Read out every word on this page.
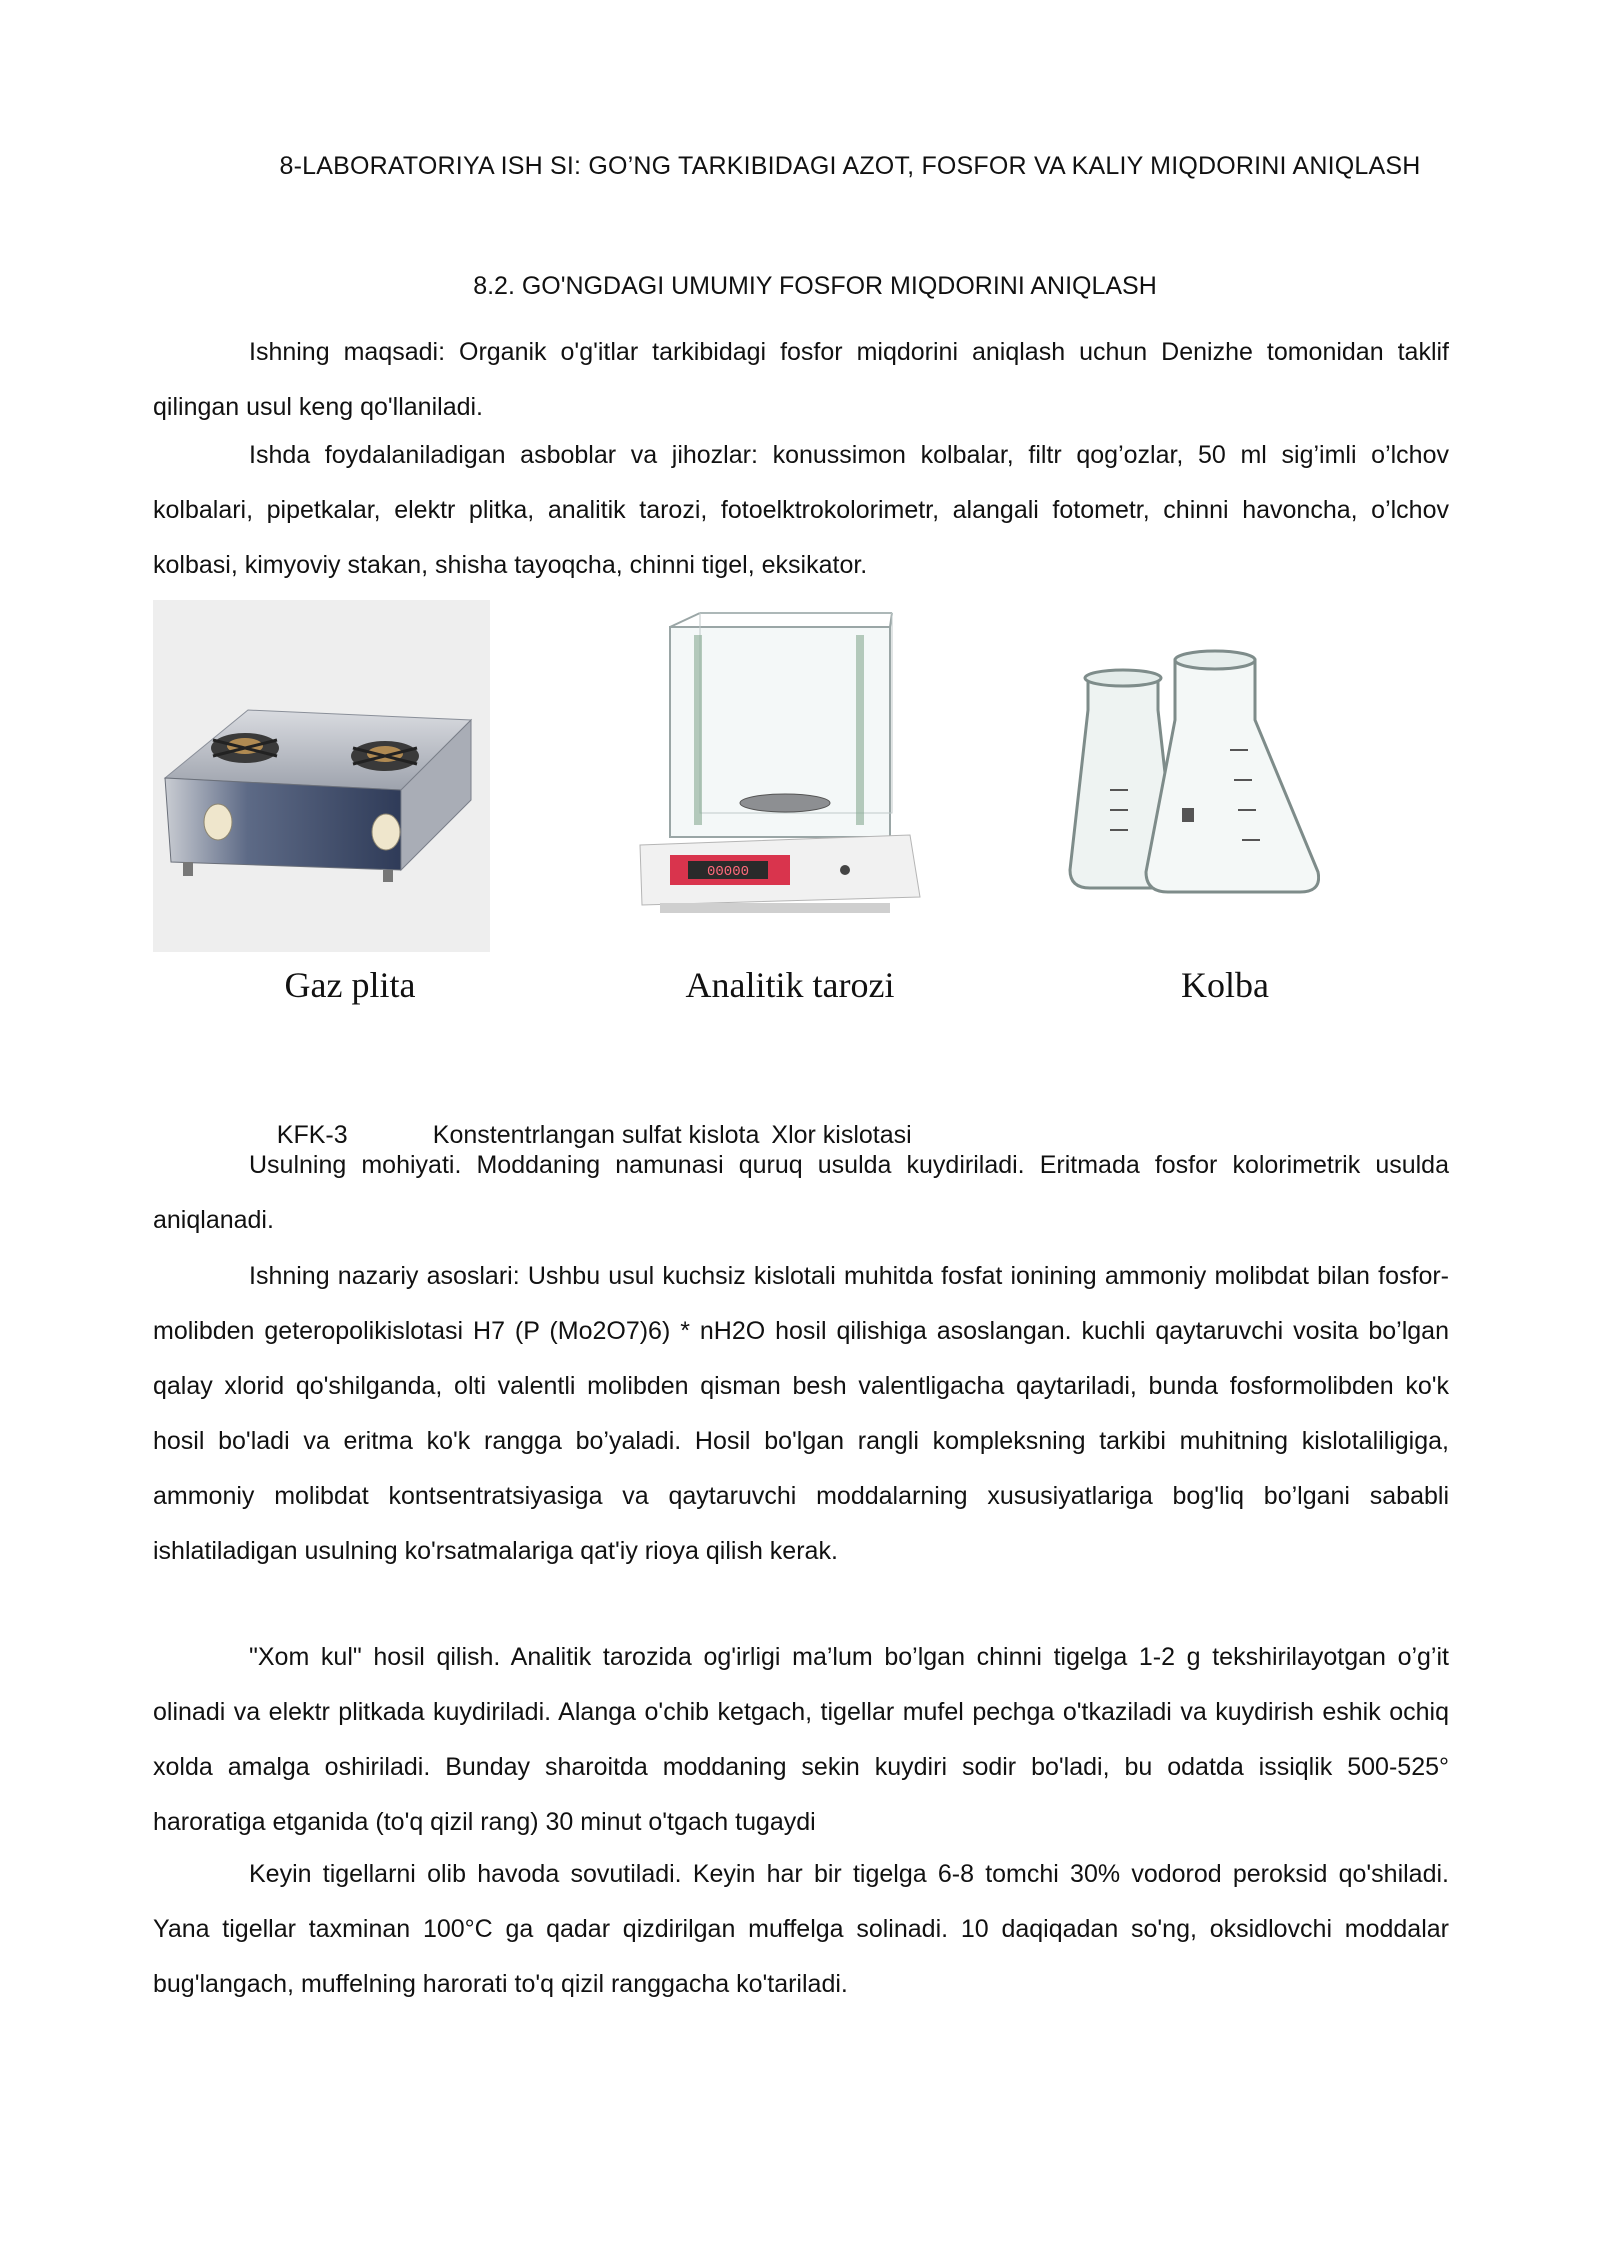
8-LABORATORIYA ISH SI: GO’NG TARKIBIDAGI AZOT, FOSFOR VA KALIY MIQDORINI ANIQLASH
8.2. GO'NGDAGI UMUMIY FOSFOR MIQDORINI ANIQLASH

Ishning maqsadi: Organik o'g'itlar tarkibidagi fosfor miqdorini aniqlash uchun Denizhe tomonidan taklif qilingan usul keng qo'llaniladi.

Ishda foydalaniladigan asboblar va jihozlar: konussimon kolbalar, filtr qog’ozlar, 50 ml sig’imli o’lchov kolbalari, pipetkalar, elektr plitka, analitik tarozi, fotoelktrokolorimetr, alangali fotometr, chinni havoncha, o’lchov kolbasi, kimyoviy stakan, shisha tayoqcha, chinni tigel, eksikator.

00000
Gaz plita	Analitik tarozi	Kolba

KFK-3	Konstentrlangan sulfat kislota Xlor kislotasi

Usulning mohiyati. Moddaning namunasi quruq usulda kuydiriladi. Eritmada fosfor kolorimetrik usulda aniqlanadi.

Ishning nazariy asoslari: Ushbu usul kuchsiz kislotali muhitda fosfat ionining ammoniy molibdat bilan fosfor-molibden geteropolikislotasi H7 (P (Mo2O7)6) * nH2O hosil qilishiga asoslangan. kuchli qaytaruvchi vosita bo’lgan qalay xlorid qo'shilganda, olti valentli molibden qisman besh valentligacha qaytariladi, bunda fosformolibden ko'k hosil bo'ladi va eritma ko'k rangga bo’yaladi. Hosil bo'lgan rangli kompleksning tarkibi muhitning kislotaliligiga, ammoniy molibdat kontsentratsiyasiga va qaytaruvchi moddalarning xususiyatlariga bog'liq bo’lgani sababli ishlatiladigan usulning ko'rsatmalariga qat'iy rioya qilish kerak.

"Xom kul" hosil qilish. Analitik tarozida og'irligi ma’lum bo’lgan chinni tigelga 1-2 g tekshirilayotgan o’g’it olinadi va elektr plitkada kuydiriladi. Alanga o'chib ketgach, tigellar mufel pechga o'tkaziladi va kuydirish eshik ochiq xolda amalga oshiriladi. Bunday sharoitda moddaning sekin kuydiri sodir bo'ladi, bu odatda issiqlik 500-525° haroratiga etganida (to'q qizil rang) 30 minut o'tgach tugaydi

Keyin tigellarni olib havoda sovutiladi. Keyin har bir tigelga 6-8 tomchi 30% vodorod peroksid qo'shiladi. Yana tigellar taxminan 100°C ga qadar qizdirilgan muffelga solinadi. 10 daqiqadan so'ng, oksidlovchi moddalar bug'langach, muffelning harorati to'q qizil ranggacha ko'tariladi.
